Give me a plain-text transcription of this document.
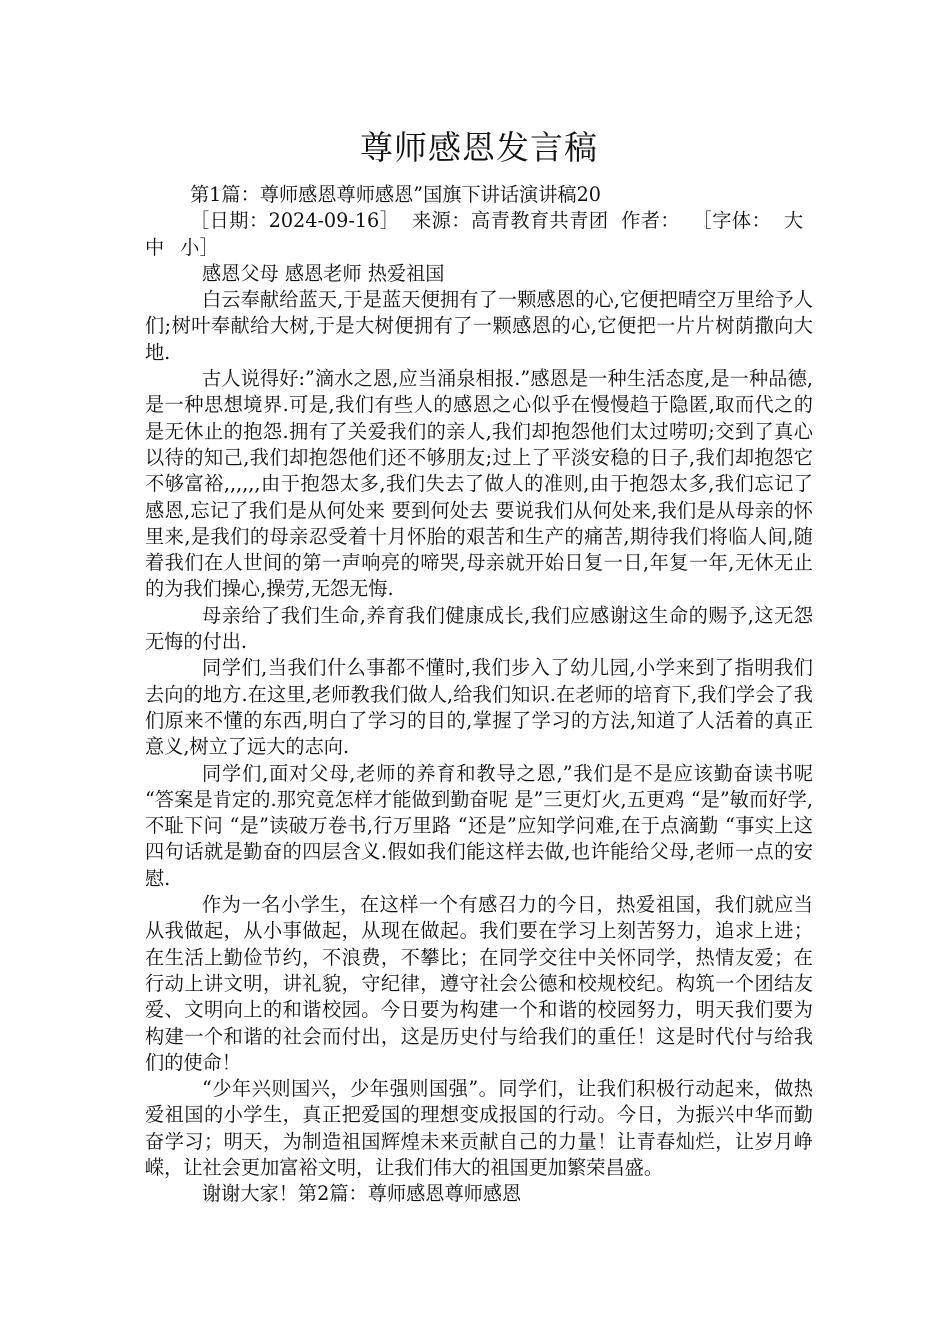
尊师感恩发言稿
第1篇：尊师感恩尊师感恩”国旗下讲话演讲稿20
［日期：2024-09-16］ 来源：高青教育共青团 作者： ［字体： 大 中 小］
感恩父母 感恩老师 热爱祖国
白云奉献给蓝天,于是蓝天便拥有了一颗感恩的心,它便把晴空万里给予人们;树叶奉献给大树,于是大树便拥有了一颗感恩的心,它便把一片片树荫撒向大地.
古人说得好:”滴水之恩,应当涌泉相报.”感恩是一种生活态度,是一种品德,是一种思想境界.可是,我们有些人的感恩之心似乎在慢慢趋于隐匿,取而代之的是无休止的抱怨.拥有了关爱我们的亲人,我们却抱怨他们太过唠叨;交到了真心以待的知己,我们却抱怨他们还不够朋友;过上了平淡安稳的日子,我们却抱怨它不够富裕,,,,,,由于抱怨太多,我们失去了做人的准则,由于抱怨太多,我们忘记了感恩,忘记了我们是从何处来 要到何处去 要说我们从何处来,我们是从母亲的怀里来,是我们的母亲忍受着十月怀胎的艰苦和生产的痛苦,期待我们将临人间,随着我们在人世间的第一声响亮的啼哭,母亲就开始日复一日,年复一年,无休无止的为我们操心,操劳,无怨无悔.
母亲给了我们生命,养育我们健康成长,我们应感谢这生命的赐予,这无怨无悔的付出.
同学们,当我们什么事都不懂时,我们步入了幼儿园,小学来到了指明我们去向的地方.在这里,老师教我们做人,给我们知识.在老师的培育下,我们学会了我们原来不懂的东西,明白了学习的目的,掌握了学习的方法,知道了人活着的真正意义,树立了远大的志向.
同学们,面对父母,老师的养育和教导之恩,”我们是不是应该勤奋读书呢 “答案是肯定的.那究竟怎样才能做到勤奋呢 是”三更灯火,五更鸡 “是”敏而好学,不耻下问 “是”读破万卷书,行万里路 “还是”应知学问难,在于点滴勤 “事实上这四句话就是勤奋的四层含义.假如我们能这样去做,也许能给父母,老师一点的安慰.
作为一名小学生，在这样一个有感召力的今日，热爱祖国，我们就应当从我做起，从小事做起，从现在做起。我们要在学习上刻苦努力，追求上进；在生活上勤俭节约，不浪费，不攀比；在同学交往中关怀同学，热情友爱；在行动上讲文明，讲礼貌，守纪律，遵守社会公德和校规校纪。构筑一个团结友爱、文明向上的和谐校园。今日要为构建一个和谐的校园努力，明天我们要为构建一个和谐的社会而付出，这是历史付与给我们的重任！这是时代付与给我们的使命！
“少年兴则国兴，少年强则国强”。同学们，让我们积极行动起来，做热爱祖国的小学生，真正把爱国的理想变成报国的行动。今日，为振兴中华而勤奋学习；明天，为制造祖国辉煌未来贡献自己的力量！让青春灿烂，让岁月峥嵘，让社会更加富裕文明，让我们伟大的祖国更加繁荣昌盛。
谢谢大家！第2篇：尊师感恩尊师感恩
